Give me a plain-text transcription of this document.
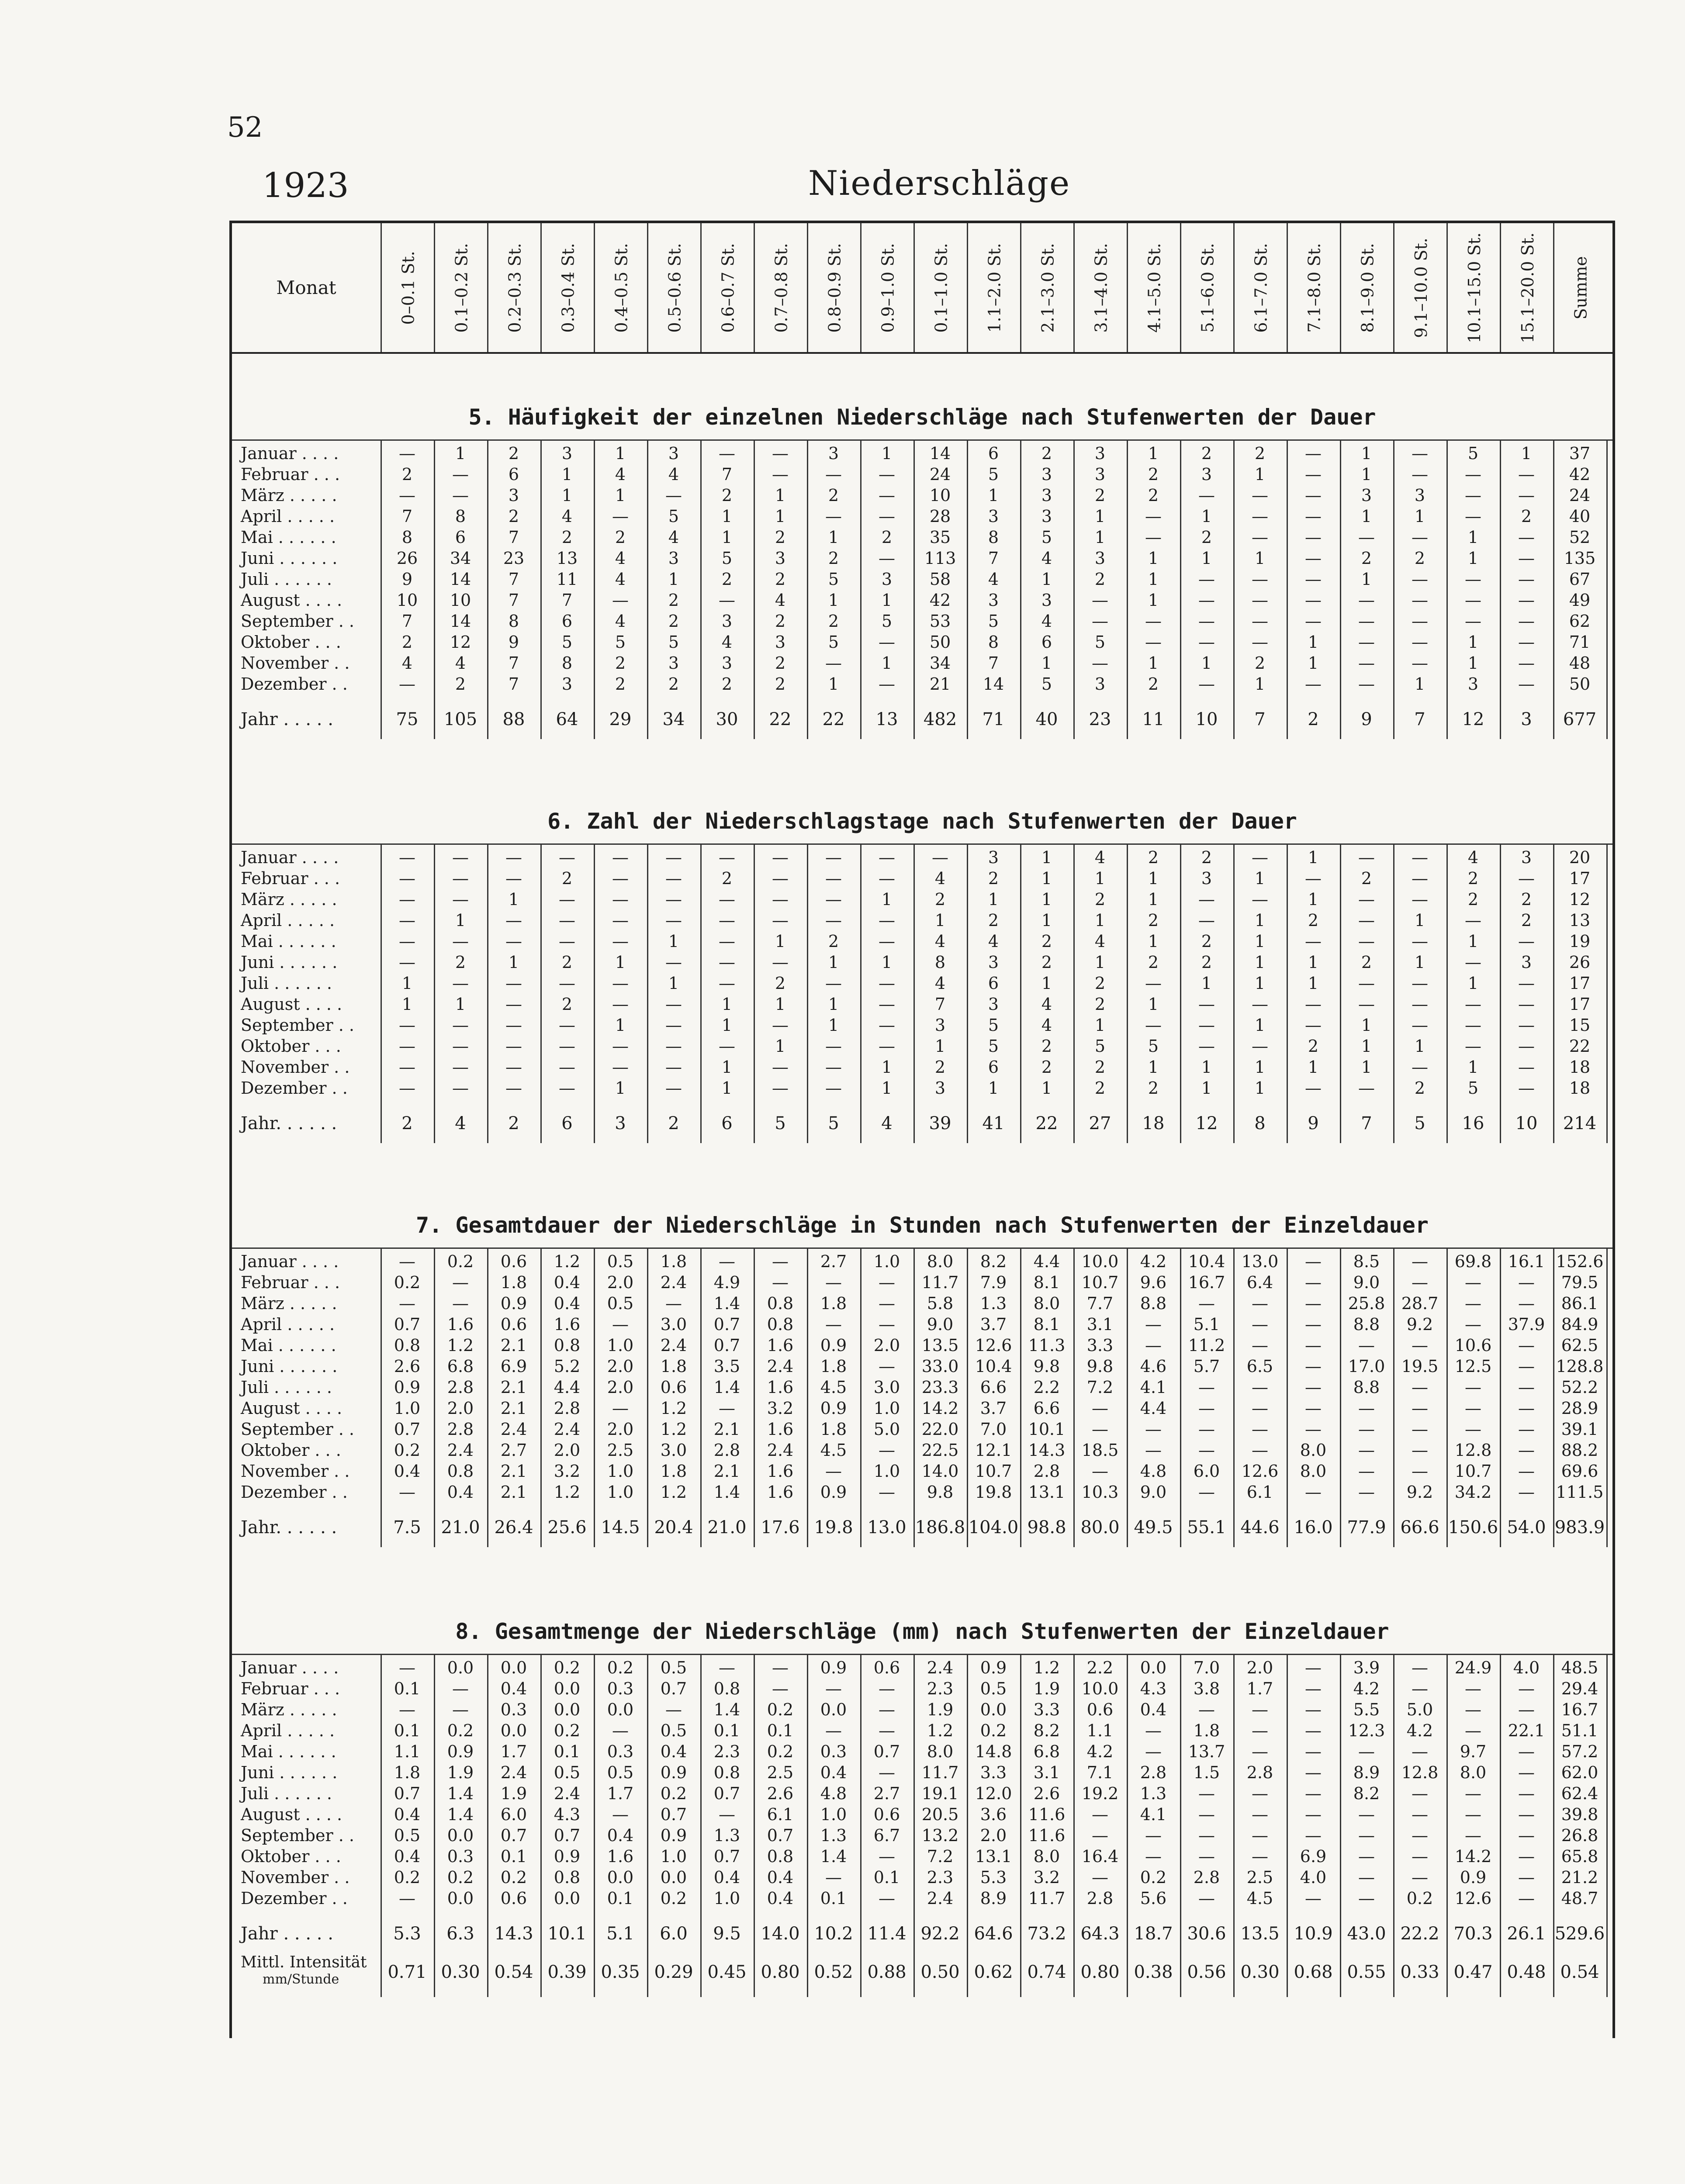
52
1923	Niederschläge
Monat	0–0.1 St. 0.1–0.2 St. 0.2–0.3 St. 0.3–0.4 St. 0.4–0.5 St. 0.5–0.6 St. 0.6–0.7 St. 0.7–0.8 St. 0.8–0.9 St. 0.9–1.0 St. 0.1–1.0 St. 1.1–2.0 St. 2.1–3.0 St. 3.1–4.0 St. 4.1–5.0 St. 5.1–6.0 St. 6.1–7.0 St. 7.1–8.0 St. 8.1–9.0 St. 9.1–10.0 St. 10.1–15.0 St. 15.1–20.0 St. Summe
5. Häufigkeit der einzelnen Niederschläge nach Stufenwerten der Dauer
Januar . . . .	—	1	2	3	1	3	—	—	3	1	14	6	2	3	1	2	2	—	1	—	5	1	37
Februar . . .	2	—	6	1	4	4	7	—	—	—	24	5	3	3	2	3	1	—	1	—	—	—	42
März . . . . .	—	—	3	1	1	—	2	1	2	—	10	1	3	2	2	—	—	—	3	3	—	—	24
April . . . . .	7	8	2	4	—	5	1	1	—	—	28	3	3	1	—	1	—	—	1	1	—	2	40
Mai . . . . . .	8	6	7	2	2	4	1	2	1	2	35	8	5	1	—	2	—	—	—	—	1	—	52
Juni . . . . . .	26	34	23	13	4	3	5	3	2	—	113	7	4	3	1	1	1	—	2	2	1	—	135
Juli . . . . . .	9	14	7	11	4	1	2	2	5	3	58	4	1	2	1	—	—	—	1	—	—	—	67
August . . . .	10	10	7	7	—	2	—	4	1	1	42	3	3	—	1	—	—	—	—	—	—	—	49
September . .	7	14	8	6	4	2	3	2	2	5	53	5	4	—	—	—	—	—	—	—	—	—	62
Oktober . . .	2	12	9	5	5	5	4	3	5	—	50	8	6	5	—	—	—	1	—	—	1	—	71
November . .	4	4	7	8	2	3	3	2	—	1	34	7	1	—	1	1	2	1	—	—	1	—	48
Dezember . .	—	2	7	3	2	2	2	2	1	—	21	14	5	3	2	—	1	—	—	1	3	—	50
Jahr . . . . .	75	105	88	64	29	34	30	22	22	13	482	71	40	23	11	10	7	2	9	7	12	3	677
6. Zahl der Niederschlagstage nach Stufenwerten der Dauer
Januar . . . .	—	—	—	—	—	—	—	—	—	—	—	3	1	4	2	2	—	1	—	—	4	3	20
Februar . . .	—	—	—	2	—	—	2	—	—	—	4	2	1	1	1	3	1	—	2	—	2	—	17
März . . . . .	—	—	1	—	—	—	—	—	—	1	2	1	1	2	1	—	—	1	—	—	2	2	12
April . . . . .	—	1	—	—	—	—	—	—	—	—	1	2	1	1	2	—	1	2	—	1	—	2	13
Mai . . . . . .	—	—	—	—	—	1	—	1	2	—	4	4	2	4	1	2	1	—	—	—	1	—	19
Juni . . . . . .	—	2	1	2	1	—	—	—	1	1	8	3	2	1	2	2	1	1	2	1	—	3	26
Juli . . . . . .	1	—	—	—	—	1	—	2	—	—	4	6	1	2	—	1	1	1	—	—	1	—	17
August . . . .	1	1	—	2	—	—	1	1	1	—	7	3	4	2	1	—	—	—	—	—	—	—	17
September . .	—	—	—	—	1	—	1	—	1	—	3	5	4	1	—	—	1	—	1	—	—	—	15
Oktober . . .	—	—	—	—	—	—	—	1	—	—	1	5	2	5	5	—	—	2	1	1	—	—	22
November . .	—	—	—	—	—	—	1	—	—	1	2	6	2	2	1	1	1	1	1	—	1	—	18
Dezember . .	—	—	—	—	1	—	1	—	—	1	3	1	1	2	2	1	1	—	—	2	5	—	18
Jahr. . . . . .	2	4	2	6	3	2	6	5	5	4	39	41	22	27	18	12	8	9	7	5	16	10	214
7. Gesamtdauer der Niederschläge in Stunden nach Stufenwerten der Einzeldauer
Januar . . . .	—	0.2	0.6	1.2	0.5	1.8	—	—	2.7	1.0	8.0	8.2	4.4	10.0	4.2	10.4 13.0	—	8.5	—	69.8 16.1 152.6
Februar . . .	0.2	—	1.8	0.4	2.0	2.4	4.9	—	—	—	11.7	7.9	8.1	10.7	9.6	16.7	6.4	—	9.0	—	—	—	79.5
März . . . . .	—	—	0.9	0.4	0.5	—	1.4	0.8	1.8	—	5.8	1.3	8.0	7.7	8.8	—	—	—	25.8 28.7	—	—	86.1
April . . . . .	0.7	1.6	0.6	1.6	—	3.0	0.7	0.8	—	—	9.0	3.7	8.1	3.1	—	5.1	—	—	8.8	9.2	—	37.9 84.9
Mai . . . . . .	0.8	1.2	2.1	0.8	1.0	2.4	0.7	1.6	0.9	2.0	13.5 12.6 11.3	3.3	—	11.2	—	—	—	—	10.6	—	62.5
Juni . . . . . .	2.6	6.8	6.9	5.2	2.0	1.8	3.5	2.4	1.8	—	33.0 10.4	9.8	9.8	4.6	5.7	6.5	—	17.0 19.5 12.5	—	128.8
Juli . . . . . .	0.9	2.8	2.1	4.4	2.0	0.6	1.4	1.6	4.5	3.0	23.3	6.6	2.2	7.2	4.1	—	—	—	8.8	—	—	—	52.2
August . . . .	1.0	2.0	2.1	2.8	—	1.2	—	3.2	0.9	1.0	14.2	3.7	6.6	—	4.4	—	—	—	—	—	—	—	28.9
September . .	0.7	2.8	2.4	2.4	2.0	1.2	2.1	1.6	1.8	5.0	22.0	7.0	10.1	—	—	—	—	—	—	—	—	—	39.1
Oktober . . .	0.2	2.4	2.7	2.0	2.5	3.0	2.8	2.4	4.5	—	22.5 12.1 14.3 18.5	—	—	—	8.0	—	—	12.8	—	88.2
November . .	0.4	0.8	2.1	3.2	1.0	1.8	2.1	1.6	—	1.0	14.0 10.7	2.8	—	4.8	6.0	12.6	8.0	—	—	10.7	—	69.6
Dezember . .	—	0.4	2.1	1.2	1.0	1.2	1.4	1.6	0.9	—	9.8	19.8 13.1 10.3	9.0	—	6.1	—	—	9.2	34.2	—	111.5
Jahr. . . . . .	7.5	21.0 26.4 25.6 14.5 20.4 21.0 17.6 19.8 13.0 186.8 104.0 98.8 80.0 49.5 55.1 44.6 16.0 77.9 66.6 150.6 54.0 983.9
8. Gesamtmenge der Niederschläge (mm) nach Stufenwerten der Einzeldauer
Januar . . . .	—	0.0	0.0	0.2	0.2	0.5	—	—	0.9	0.6	2.4	0.9	1.2	2.2	0.0	7.0	2.0	—	3.9	—	24.9	4.0	48.5
Februar . . .	0.1	—	0.4	0.0	0.3	0.7	0.8	—	—	—	2.3	0.5	1.9	10.0	4.3	3.8	1.7	—	4.2	—	—	—	29.4
März . . . . .	—	—	0.3	0.0	0.0	—	1.4	0.2	0.0	—	1.9	0.0	3.3	0.6	0.4	—	—	—	5.5	5.0	—	—	16.7
April . . . . .	0.1	0.2	0.0	0.2	—	0.5	0.1	0.1	—	—	1.2	0.2	8.2	1.1	—	1.8	—	—	12.3	4.2	—	22.1 51.1
Mai . . . . . .	1.1	0.9	1.7	0.1	0.3	0.4	2.3	0.2	0.3	0.7	8.0	14.8	6.8	4.2	—	13.7	—	—	—	—	9.7	—	57.2
Juni . . . . . .	1.8	1.9	2.4	0.5	0.5	0.9	0.8	2.5	0.4	—	11.7	3.3	3.1	7.1	2.8	1.5	2.8	—	8.9	12.8	8.0	—	62.0
Juli . . . . . .	0.7	1.4	1.9	2.4	1.7	0.2	0.7	2.6	4.8	2.7	19.1 12.0	2.6	19.2	1.3	—	—	—	8.2	—	—	—	62.4
August . . . .	0.4	1.4	6.0	4.3	—	0.7	—	6.1	1.0	0.6	20.5	3.6	11.6	—	4.1	—	—	—	—	—	—	—	39.8
September . .	0.5	0.0	0.7	0.7	0.4	0.9	1.3	0.7	1.3	6.7	13.2	2.0	11.6	—	—	—	—	—	—	—	—	—	26.8
Oktober . . .	0.4	0.3	0.1	0.9	1.6	1.0	0.7	0.8	1.4	—	7.2	13.1	8.0	16.4	—	—	—	6.9	—	—	14.2	—	65.8
November . .	0.2	0.2	0.2	0.8	0.0	0.0	0.4	0.4	—	0.1	2.3	5.3	3.2	—	0.2	2.8	2.5	4.0	—	—	0.9	—	21.2
Dezember . .	—	0.0	0.6	0.0	0.1	0.2	1.0	0.4	0.1	—	2.4	8.9	11.7	2.8	5.6	—	4.5	—	—	0.2	12.6	—	48.7
Jahr . . . . .	5.3	6.3	14.3 10.1	5.1	6.0	9.5	14.0 10.2 11.4 92.2 64.6 73.2 64.3 18.7 30.6 13.5 10.9 43.0 22.2 70.3 26.1 529.6
Mittl. Intensität
mm/Stunde	0.71 0.30 0.54 0.39 0.35 0.29 0.45 0.80 0.52 0.88 0.50 0.62 0.74 0.80 0.38 0.56 0.30 0.68 0.55 0.33 0.47 0.48 0.54
